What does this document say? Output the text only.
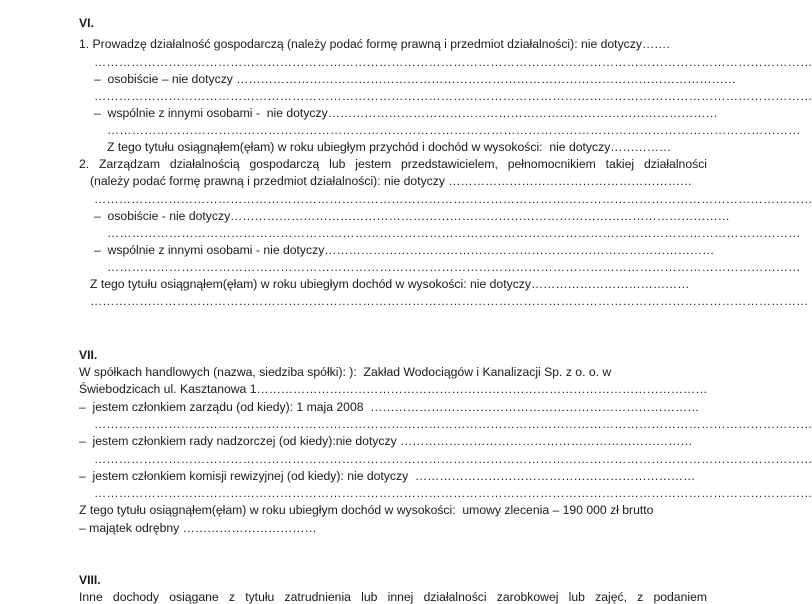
VI.
1. Prowadzę działalność gospodarczą (należy podać formę prawną i przedmiot działalności): nie dotyczy…….
…………………………………………………………………………………………………………………………………………………………
–  osobiście – nie dotyczy ……………………………………………………………………………………………………………
…………………………………………………………………………………………………………………………………………………………
–  wspólnie z innymi osobami -  nie dotyczy……………………………………………………………………………………
……………………………………………………………………………………………………………………………………………………
Z tego tytułu osiągnąłem(ęłam) w roku ubiegłym przychód i dochód w wysokości:  nie dotyczy……………
2. Zarządzam działalnością gospodarczą lub jestem przedstawicielem, pełnomocnikiem takiej działalności
(należy podać formę prawną i przedmiot działalności): nie dotyczy ……………………………………………………
…………………………………………………………………………………………………………………………………………………………
–  osobiście - nie dotyczy……………………………………………………………………………………………………………
……………………………………………………………………………………………………………………………………………………
–  wspólnie z innymi osobami - nie dotyczy……………………………………………………………………………………
……………………………………………………………………………………………………………………………………………………
Z tego tytułu osiągnąłem(ęłam) w roku ubiegłym dochód w wysokości: nie dotyczy…………………………………
…………………………………………………………………………………………………………………………………………………………
VII.
W spółkach handlowych (nazwa, siedziba spółki): ):  Zakład Wodociągów i Kanalizacji Sp. z o. o. w
Świebodzicach ul. Kasztanowa 1…………………………………………………………………………………………………
–  jestem członkiem zarządu (od kiedy): 1 maja 2008  ………………………………………………………………………
…………………………………………………………………………………………………………………………………………………………
–  jestem członkiem rady nadzorczej (od kiedy):nie dotyczy ………………………………………………………………
…………………………………………………………………………………………………………………………………………………………
–  jestem członkiem komisji rewizyjnej (od kiedy): nie dotyczy  ……………………………………………………………
…………………………………………………………………………………………………………………………………………………………
Z tego tytułu osiągnąłem(ęłam) w roku ubiegłym dochód w wysokości:  umowy zlecenia – 190 000 zł brutto
– majątek odrębny ……………………………
VIII.
Inne dochody osiągane z tytułu zatrudnienia lub innej działalności zarobkowej lub zajęć, z podaniem
